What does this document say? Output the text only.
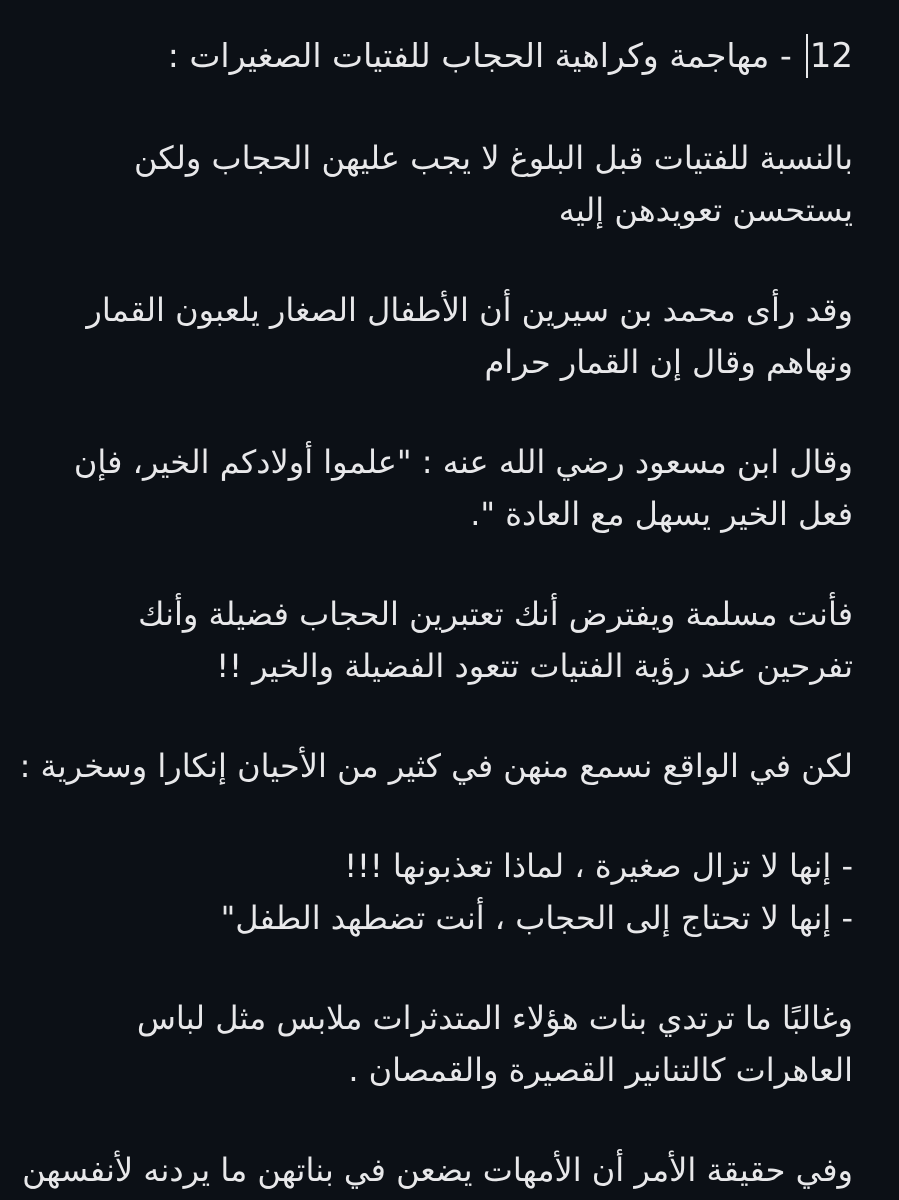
12
- مهاجمة وكراهية الحجاب للفتيات الصغيرات :

بالنسبة للفتيات قبل البلوغ لا يجب عليهن الحجاب ولكن
يستحسن تعويدهن إليه

وقد رأى محمد بن سيرين أن الأطفال الصغار يلعبون القمار
ونهاهم وقال إن القمار حرام

وقال ابن مسعود رضي الله عنه : "علموا أولادكم الخير، فإن
فعل الخير يسهل مع العادة ".

فأنت مسلمة ويفترض أنك تعتبرين الحجاب فضيلة وأنك
تفرحين عند رؤية الفتيات تتعود الفضيلة والخير !!

لكن في الواقع نسمع منهن في كثير من الأحيان إنكارا وسخرية :

- إنها لا تزال صغيرة ، لماذا تعذبونها !!!
- إنها لا تحتاج إلى الحجاب ، أنت تضطهد الطفل"

وغالبًا ما ترتدي بنات هؤلاء المتدثرات ملابس مثل لباس
العاهرات كالتنانير القصيرة والقمصان .

وفي حقيقة الأمر أن الأمهات يضعن في بناتهن ما يردنه لأنفسهن
